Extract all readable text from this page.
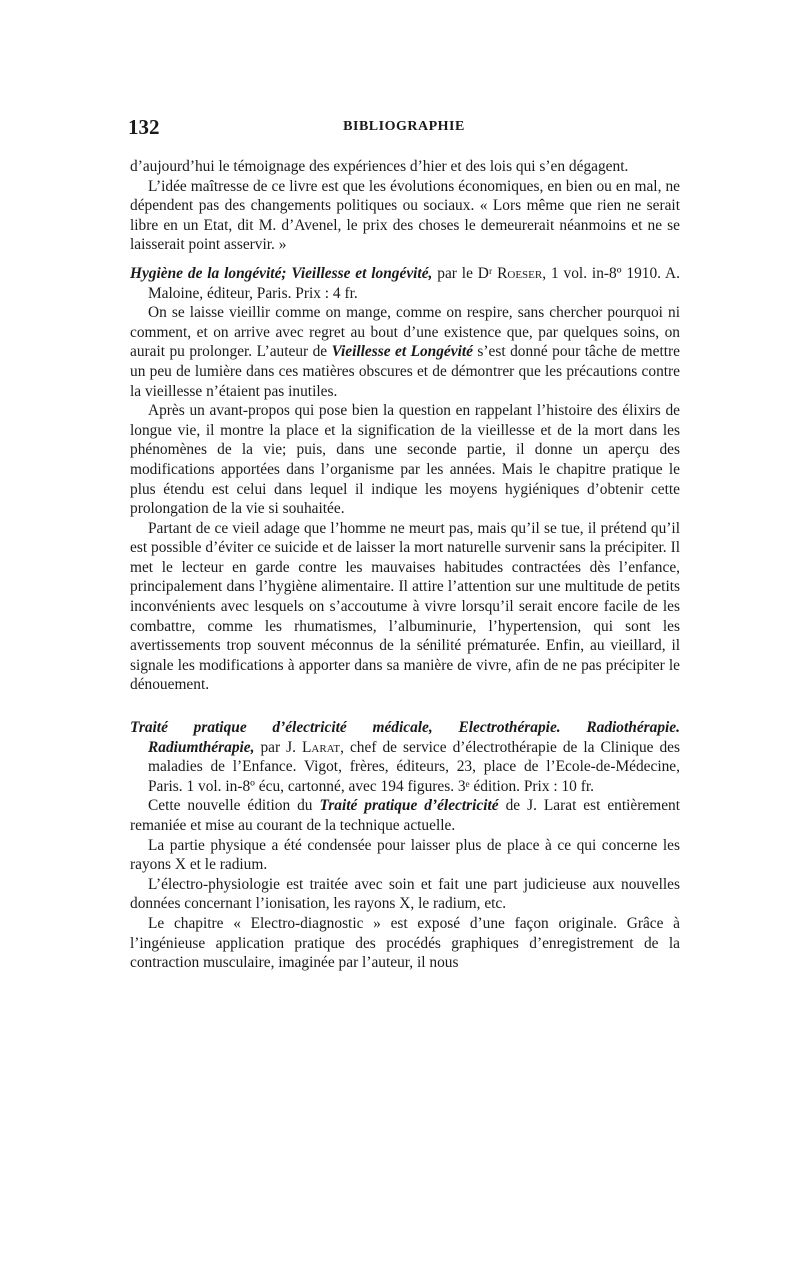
132	BIBLIOGRAPHIE

d’aujourd’hui le témoignage des expériences d’hier et des lois qui s’en dégagent.

L’idée maîtresse de ce livre est que les évolutions économiques, en bien ou en mal, ne dépendent pas des changements politiques ou sociaux. « Lors même que rien ne serait libre en un Etat, dit M. d’Avenel, le prix des choses le demeurerait néanmoins et ne se laisserait point asservir. »

Hygiène de la longévité; Vieillesse et longévité, par le Dʳ Roeser, 1 vol. in-8º 1910. A. Maloine, éditeur, Paris. Prix : 4 fr.

On se laisse vieillir comme on mange, comme on respire, sans chercher pourquoi ni comment, et on arrive avec regret au bout d’une existence que, par quelques soins, on aurait pu prolonger. L’auteur de Vieillesse et Longévité s’est donné pour tâche de mettre un peu de lumière dans ces matières obscures et de démontrer que les précautions contre la vieillesse n’étaient pas inutiles.

Après un avant-propos qui pose bien la question en rappelant l’histoire des élixirs de longue vie, il montre la place et la signification de la vieillesse et de la mort dans les phénomènes de la vie; puis, dans une seconde partie, il donne un aperçu des modifications apportées dans l’organisme par les années. Mais le chapitre pratique le plus étendu est celui dans lequel il indique les moyens hygiéniques d’obtenir cette prolongation de la vie si souhaitée.

Partant de ce vieil adage que l’homme ne meurt pas, mais qu’il se tue, il prétend qu’il est possible d’éviter ce suicide et de laisser la mort naturelle survenir sans la précipiter. Il met le lecteur en garde contre les mauvaises habitudes contractées dès l’enfance, principalement dans l’hygiène alimentaire. Il attire l’attention sur une multitude de petits inconvénients avec lesquels on s’accoutume à vivre lorsqu’il serait encore facile de les combattre, comme les rhumatismes, l’albuminurie, l’hypertension, qui sont les avertissements trop souvent méconnus de la sénilité prématurée. Enfin, au vieillard, il signale les modifications à apporter dans sa manière de vivre, afin de ne pas précipiter le dénouement.

Traité pratique d’électricité médicale, Electrothérapie. Radiothérapie. Radiumthérapie, par J. Larat, chef de service d’électrothérapie de la Clinique des maladies de l’Enfance. Vigot, frères, éditeurs, 23, place de l’Ecole-de-Médecine, Paris. 1 vol. in-8º écu, cartonné, avec 194 figures. 3ᵉ édition. Prix : 10 fr.

Cette nouvelle édition du Traité pratique d’électricité de J. Larat est entièrement remaniée et mise au courant de la technique actuelle.

La partie physique a été condensée pour laisser plus de place à ce qui concerne les rayons X et le radium.

L’électro-physiologie est traitée avec soin et fait une part judicieuse aux nouvelles données concernant l’ionisation, les rayons X, le radium, etc.

Le chapitre « Electro-diagnostic » est exposé d’une façon originale. Grâce à l’ingénieuse application pratique des procédés graphiques d’enregistrement de la contraction musculaire, imaginée par l’auteur, il nous
